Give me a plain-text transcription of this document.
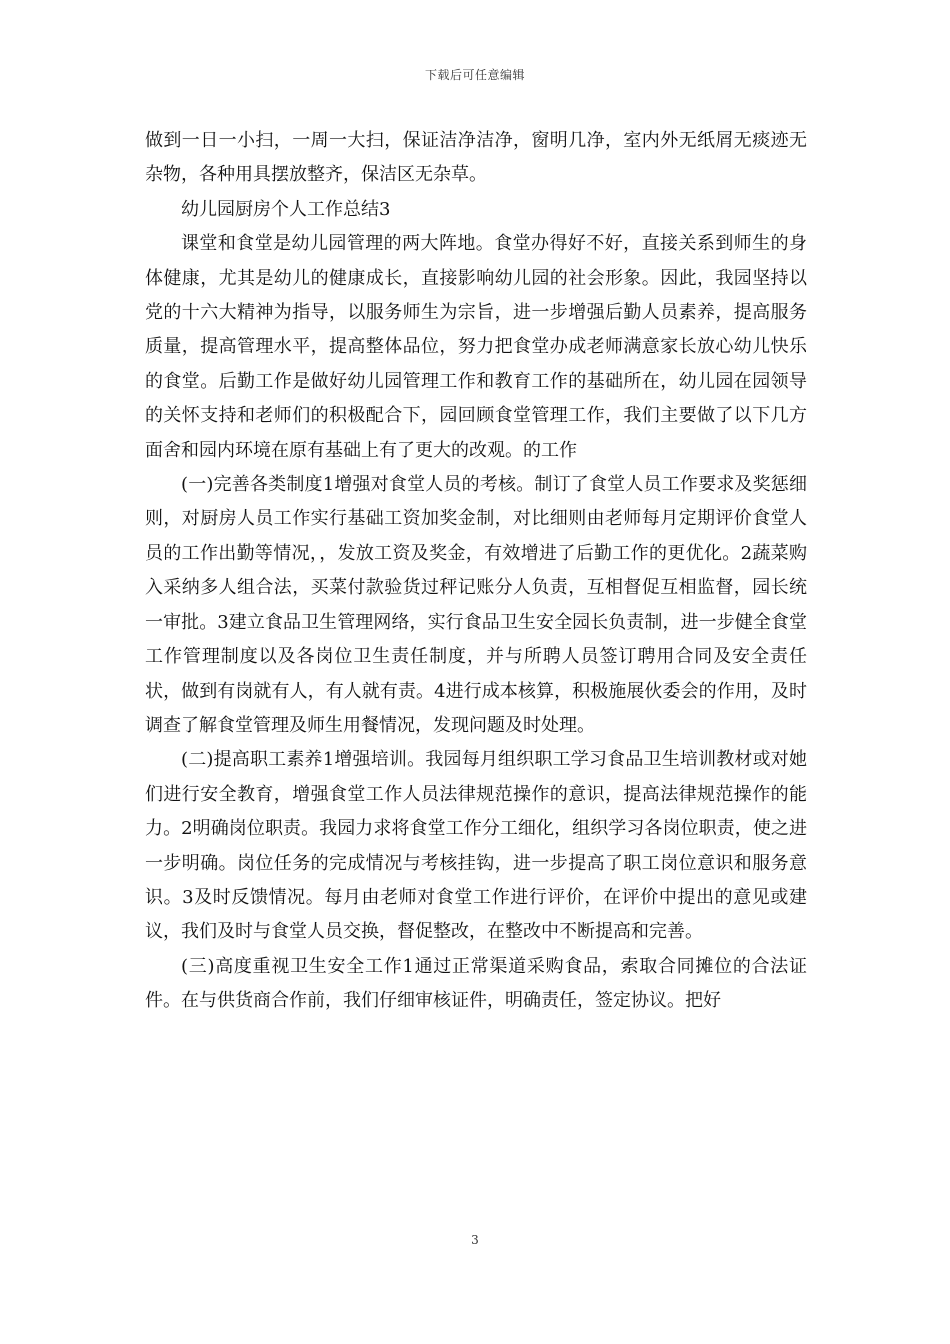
下载后可任意编辑

做到一日一小扫，一周一大扫，保证洁净洁净，窗明几净，室内外无纸屑无痰迹无杂物，各种用具摆放整齐，保洁区无杂草。

幼儿园厨房个人工作总结3

课堂和食堂是幼儿园管理的两大阵地。食堂办得好不好，直接关系到师生的身体健康，尤其是幼儿的健康成长，直接影响幼儿园的社会形象。因此，我园坚持以党的十六大精神为指导，以服务师生为宗旨，进一步增强后勤人员素养，提高服务质量，提高管理水平，提高整体品位，努力把食堂办成老师满意家长放心幼儿快乐的食堂。后勤工作是做好幼儿园管理工作和教育工作的基础所在，幼儿园在园领导的关怀支持和老师们的积极配合下，园回顾食堂管理工作，我们主要做了以下几方面舍和园内环境在原有基础上有了更大的改观。的工作

(一)完善各类制度1增强对食堂人员的考核。制订了食堂人员工作要求及奖惩细则，对厨房人员工作实行基础工资加奖金制，对比细则由老师每月定期评价食堂人员的工作出勤等情况，，发放工资及奖金，有效增进了后勤工作的更优化。2蔬菜购入采纳多人组合法，买菜付款验货过秤记账分人负责，互相督促互相监督，园长统一审批。3建立食品卫生管理网络，实行食品卫生安全园长负责制，进一步健全食堂工作管理制度以及各岗位卫生责任制度，并与所聘人员签订聘用合同及安全责任状，做到有岗就有人，有人就有责。4进行成本核算，积极施展伙委会的作用，及时调查了解食堂管理及师生用餐情况，发现问题及时处理。

(二)提高职工素养1增强培训。我园每月组织职工学习食品卫生培训教材或对她们进行安全教育，增强食堂工作人员法律规范操作的意识，提高法律规范操作的能力。2明确岗位职责。我园力求将食堂工作分工细化，组织学习各岗位职责，使之进一步明确。岗位任务的完成情况与考核挂钩，进一步提高了职工岗位意识和服务意识。3及时反馈情况。每月由老师对食堂工作进行评价，在评价中提出的意见或建议，我们及时与食堂人员交换，督促整改，在整改中不断提高和完善。

(三)高度重视卫生安全工作1通过正常渠道采购食品，索取合同摊位的合法证件。在与供货商合作前，我们仔细审核证件，明确责任，签定协议。把好

3
